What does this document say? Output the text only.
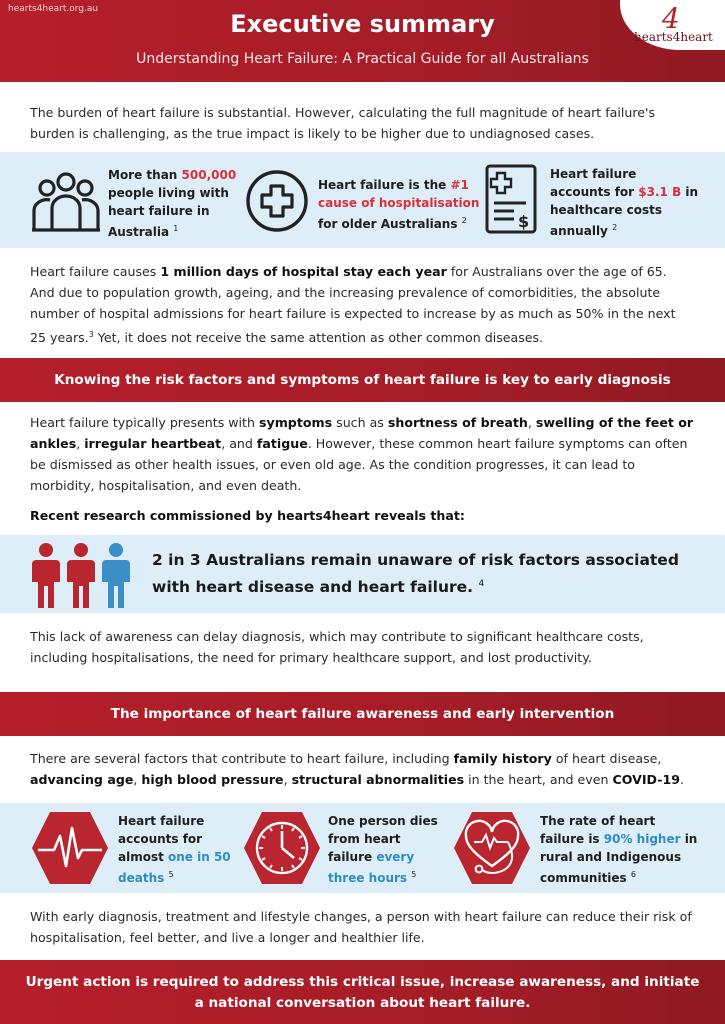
hearts4heart.org.au
Executive summary
Understanding Heart Failure: A Practical Guide for all Australians
4
hearts4heart
The burden of heart failure is substantial. However, calculating the full magnitude of heart failure's burden is challenging, as the true impact is likely to be higher due to undiagnosed cases.
More than 500,000 people living with heart failure in Australia $^1$
Heart failure is the #1 cause of hospitalisation for older Australians $^2$	$
Heart failure accounts for $3.1 B in healthcare costs annually $^2$
Heart failure causes 1 million days of hospital stay each year for Australians over the age of 65. And due to population growth, ageing, and the increasing prevalence of comorbidities, the absolute number of hospital admissions for heart failure is expected to increase by as much as 50% in the next 25 years.$^3$ Yet, it does not receive the same attention as other common diseases.
Knowing the risk factors and symptoms of heart failure is key to early diagnosis
Heart failure typically presents with symptoms such as shortness of breath, swelling of the feet or ankles, irregular heartbeat, and fatigue. However, these common heart failure symptoms can often be dismissed as other health issues, or even old age. As the condition progresses, it can lead to morbidity, hospitalisation, and even death.
Recent research commissioned by hearts4heart reveals that:
2 in 3 Australians remain unaware of risk factors associated with heart disease and heart failure. $^4$
This lack of awareness can delay diagnosis, which may contribute to significant healthcare costs, including hospitalisations, the need for primary healthcare support, and lost productivity.
The importance of heart failure awareness and early intervention
There are several factors that contribute to heart failure, including family history of heart disease, advancing age, high blood pressure, structural abnormalities in the heart, and even COVID-19.
Heart failure accounts for almost one in 50 deaths $^5$
One person dies from heart failure every three hours $^5$
The rate of heart failure is 90% higher in rural and Indigenous communities $^6$
With early diagnosis, treatment and lifestyle changes, a person with heart failure can reduce their risk of hospitalisation, feel better, and live a longer and healthier life.
Urgent action is required to address this critical issue, increase awareness, and initiate a national conversation about heart failure.
